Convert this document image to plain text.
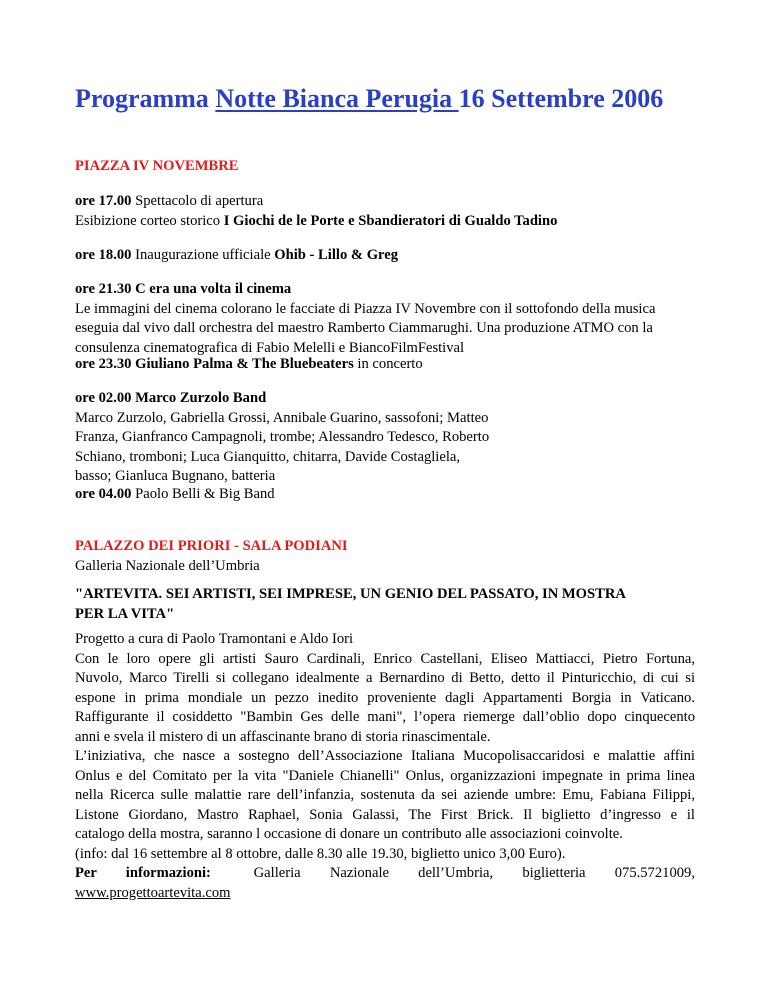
Programma Notte Bianca Perugia 16 Settembre 2006
PIAZZA IV NOVEMBRE
ore 17.00 Spettacolo di apertura
Esibizione corteo storico I Giochi de le Porte e Sbandieratori di Gualdo Tadino
ore 18.00 Inaugurazione ufficiale Ohib - Lillo & Greg
ore 21.30 C era una volta il cinema
Le immagini del cinema colorano le facciate di Piazza IV Novembre con il sottofondo della musica
eseguia dal vivo dall orchestra del maestro Ramberto Ciammarughi. Una produzione ATMO con la
consulenza cinematografica di Fabio Melelli e BiancoFilmFestival
ore 23.30 Giuliano Palma & The Bluebeaters in concerto
ore 02.00 Marco Zurzolo Band
Marco Zurzolo, Gabriella Grossi, Annibale Guarino, sassofoni; Matteo
Franza, Gianfranco Campagnoli, trombe; Alessandro Tedesco, Roberto
Schiano, tromboni; Luca Gianquitto, chitarra, Davide Costagliela,
basso; Gianluca Bugnano, batteria
ore 04.00 Paolo Belli & Big Band
PALAZZO DEI PRIORI - SALA PODIANI
Galleria Nazionale dell’Umbria
"ARTEVITA. SEI ARTISTI, SEI IMPRESE, UN GENIO DEL PASSATO, IN MOSTRA
PER LA VITA"
Progetto a cura di Paolo Tramontani e Aldo Iori
Con le loro opere gli artisti Sauro Cardinali, Enrico Castellani, Eliseo Mattiacci, Pietro Fortuna,
Nuvolo, Marco Tirelli si collegano idealmente a Bernardino di Betto, detto il Pinturicchio, di cui si
espone in prima mondiale un pezzo inedito proveniente dagli Appartamenti Borgia in Vaticano.
Raffigurante il cosiddetto "Bambin Ges delle mani", l’opera riemerge dall’oblio dopo cinquecento
anni e svela il mistero di un affascinante brano di storia rinascimentale.
L’iniziativa, che nasce a sostegno dell’Associazione Italiana Mucopolisaccaridosi e malattie affini
Onlus e del Comitato per la vita "Daniele Chianelli" Onlus, organizzazioni impegnate in prima linea
nella Ricerca sulle malattie rare dell’infanzia, sostenuta da sei aziende umbre: Emu, Fabiana Filippi,
Listone Giordano, Mastro Raphael, Sonia Galassi, The First Brick. Il biglietto d’ingresso e il
catalogo della mostra, saranno l occasione di donare un contributo alle associazioni coinvolte.
(info: dal 16 settembre al 8 ottobre, dalle 8.30 alle 19.30, biglietto unico 3,00 Euro).
Per        informazioni:	Galleria        Nazionale        dell’Umbria,        biglietteria        075.5721009,
www.progettoartevita.com
